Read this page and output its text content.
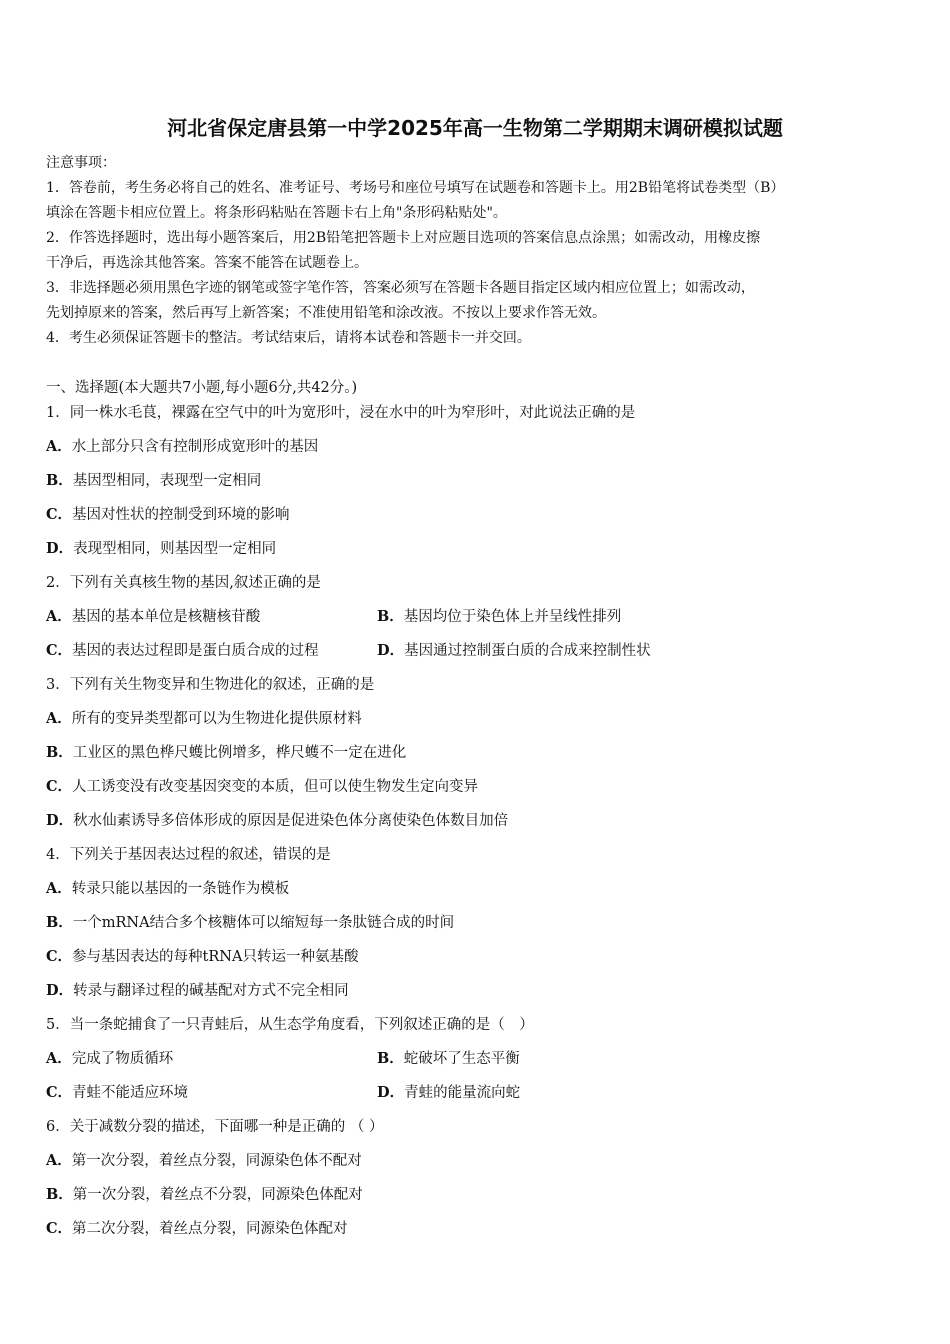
河北省保定唐县第一中学2025年高一生物第二学期期末调研模拟试题
注意事项：
1．答卷前，考生务必将自己的姓名、准考证号、考场号和座位号填写在试题卷和答题卡上。用2B铅笔将试卷类型（B）
填涂在答题卡相应位置上。将条形码粘贴在答题卡右上角"条形码粘贴处"。
2．作答选择题时，选出每小题答案后，用2B铅笔把答题卡上对应题目选项的答案信息点涂黑；如需改动，用橡皮擦
干净后，再选涂其他答案。答案不能答在试题卷上。
3．非选择题必须用黑色字迹的钢笔或签字笔作答，答案必须写在答题卡各题目指定区域内相应位置上；如需改动，
先划掉原来的答案，然后再写上新答案；不准使用铅笔和涂改液。不按以上要求作答无效。
4．考生必须保证答题卡的整洁。考试结束后，请将本试卷和答题卡一并交回。
一、选择题(本大题共7小题,每小题6分,共42分。)
1．同一株水毛茛，裸露在空气中的叶为宽形叶，浸在水中的叶为窄形叶，对此说法正确的是
A．水上部分只含有控制形成宽形叶的基因
B．基因型相同，表现型一定相同
C．基因对性状的控制受到环境的影响
D．表现型相同，则基因型一定相同
2．下列有关真核生物的基因,叙述正确的是
A．基因的基本单位是核糖核苷酸	B．基因均位于染色体上并呈线性排列
C．基因的表达过程即是蛋白质合成的过程	D．基因通过控制蛋白质的合成来控制性状
3．下列有关生物变异和生物进化的叙述，正确的是
A．所有的变异类型都可以为生物进化提供原材料
B．工业区的黑色桦尺蠖比例增多，桦尺蠖不一定在进化
C．人工诱变没有改变基因突变的本质，但可以使生物发生定向变异
D．秋水仙素诱导多倍体形成的原因是促进染色体分离使染色体数目加倍
4．下列关于基因表达过程的叙述，错误的是
A．转录只能以基因的一条链作为模板
B．一个mRNA结合多个核糖体可以缩短每一条肽链合成的时间
C．参与基因表达的每种tRNA只转运一种氨基酸
D．转录与翻译过程的碱基配对方式不完全相同
5．当一条蛇捕食了一只青蛙后，从生态学角度看，下列叙述正确的是（　）
A．完成了物质循环	B．蛇破坏了生态平衡
C．青蛙不能适应环境	D．青蛙的能量流向蛇
6．关于减数分裂的描述，下面哪一种是正确的 （ ）
A．第一次分裂，着丝点分裂，同源染色体不配对
B．第一次分裂，着丝点不分裂，同源染色体配对
C．第二次分裂，着丝点分裂，同源染色体配对
